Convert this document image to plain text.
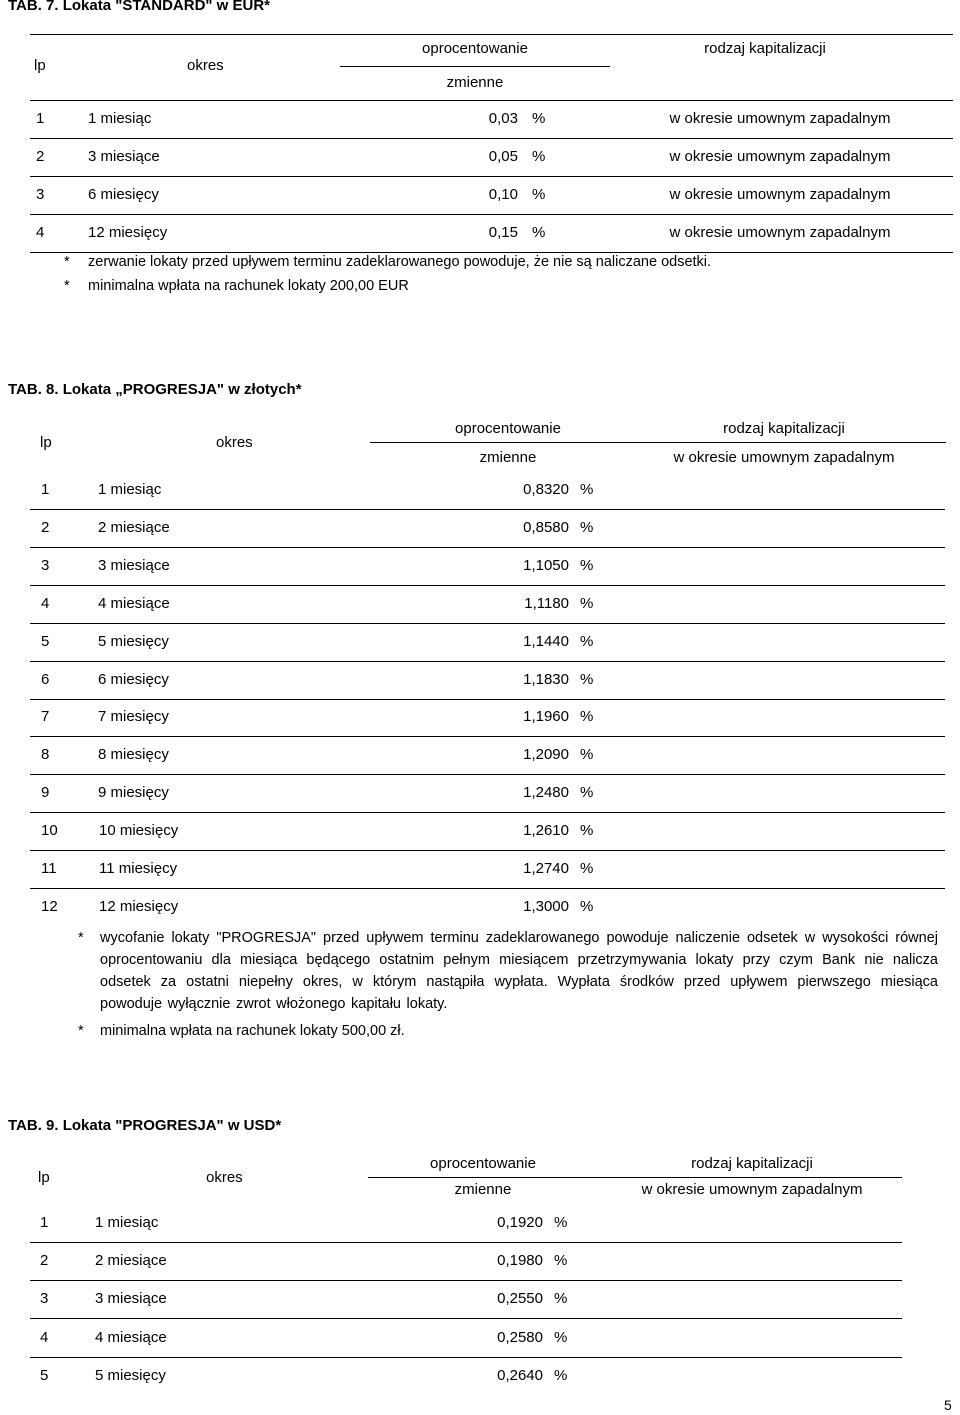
TAB. 7. Lokata "STANDARD" w EUR*
lp	okres
oprocentowanie
zmienne
rodzaj kapitalizacji
1	1 miesiąc	0,03 %	w okresie umownym zapadalnym
2	3 miesiące	0,05 %	w okresie umownym zapadalnym
3	6 miesięcy	0,10 %	w okresie umownym zapadalnym
4	12 miesięcy	0,15 %	w okresie umownym zapadalnym
* zerwanie lokaty przed upływem terminu zadeklarowanego powoduje, że nie są naliczane odsetki.
* minimalna wpłata na rachunek lokaty 200,00 EUR
TAB. 8. Lokata „PROGRESJA" w złotych*
lp	okres
oprocentowanie
zmienne
rodzaj kapitalizacji
w okresie umownym zapadalnym
1	1 miesiąc	0,8320 %
2	2 miesiące	0,8580 %
3	3 miesiące	1,1050 %
4	4 miesiące	1,1180 %
5	5 miesięcy	1,1440 %
6	6 miesięcy	1,1830 %
7	7 miesięcy	1,1960 %
8	8 miesięcy	1,2090 %
9	9 miesięcy	1,2480 %
10	10 miesięcy	1,2610 %
11	11 miesięcy	1,2740 %
12	12 miesięcy	1,3000 %
* wycofanie lokaty "PROGRESJA" przed upływem terminu zadeklarowanego powoduje naliczenie odsetek w wysokości równej oprocentowaniu dla miesiąca będącego ostatnim pełnym miesiącem przetrzymywania lokaty przy czym Bank nie nalicza odsetek za ostatni niepełny okres, w którym nastąpiła wypłata. Wypłata środków przed upływem pierwszego miesiąca powoduje wyłącznie zwrot włożonego kapitału lokaty.
* minimalna wpłata na rachunek lokaty 500,00 zł.
TAB. 9. Lokata "PROGRESJA" w USD*
lp	okres
oprocentowanie
zmienne
rodzaj kapitalizacji
w okresie umownym zapadalnym
1	1 miesiąc	0,1920 %
2	2 miesiące	0,1980 %
3	3 miesiące	0,2550 %
4	4 miesiące	0,2580 %
5	5 miesięcy	0,2640 %
5
